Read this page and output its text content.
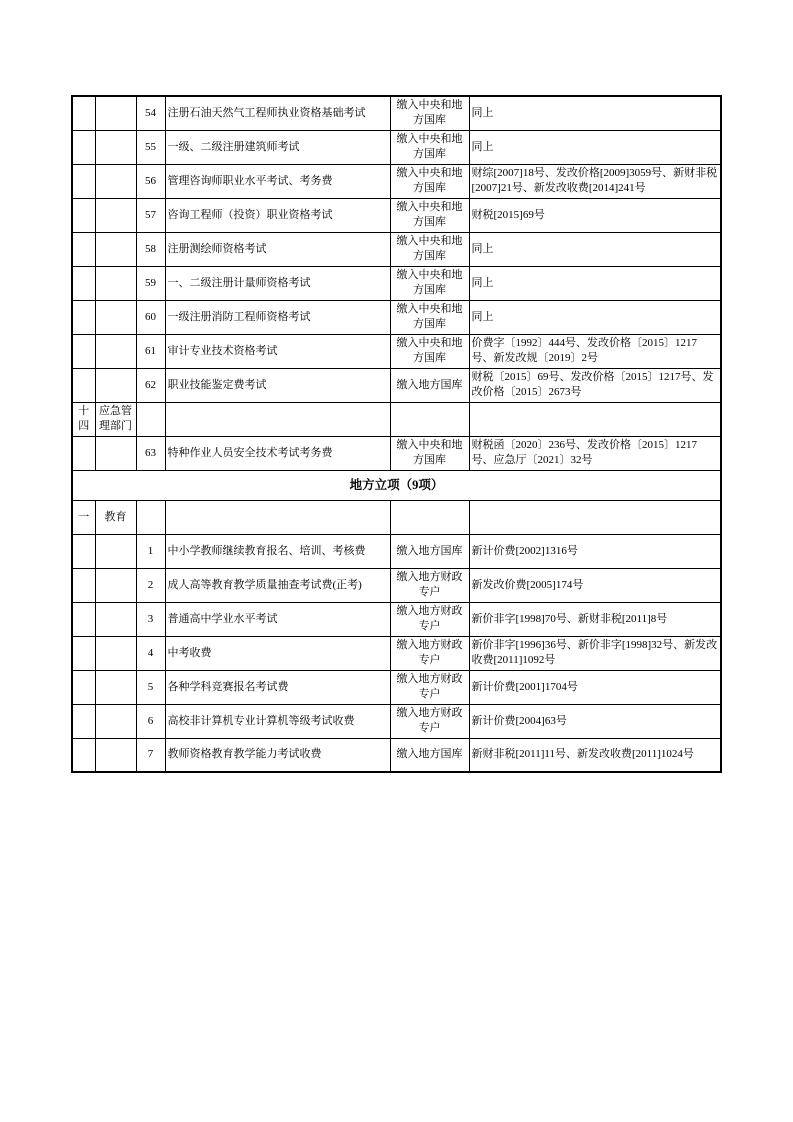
		54	注册石油天然气工程师执业资格基础考试	缴入中央和地方国库	同上
		55	一级、二级注册建筑师考试	缴入中央和地方国库	同上
		56	管理咨询师职业水平考试、考务费	缴入中央和地方国库	财综[2007]18号、发改价格[2009]3059号、新财非税[2007]21号、新发改收费[2014]241号
		57	咨询工程师（投资）职业资格考试	缴入中央和地方国库	财税[2015]69号
		58	注册测绘师资格考试	缴入中央和地方国库	同上
		59	一、二级注册计量师资格考试	缴入中央和地方国库	同上
		60	一级注册消防工程师资格考试	缴入中央和地方国库	同上
		61	审计专业技术资格考试	缴入中央和地方国库	价费字〔1992〕444号、发改价格〔2015〕1217号、新发改规〔2019〕2号
		62	职业技能鉴定费考试	缴入地方国库	财税〔2015〕69号、发改价格〔2015〕1217号、发改价格〔2015〕2673号
十四	应急管理部门				
		63	特种作业人员安全技术考试考务费	缴入中央和地方国库	财税函〔2020〕236号、发改价格〔2015〕1217号、应急厅〔2021〕32号
地方立项（9项）					
一	教育				
		1	中小学教师继续教育报名、培训、考核费	缴入地方国库	新计价费[2002]1316号
		2	成人高等教育教学质量抽查考试费(正考)	缴入地方财政专户	新发改价费[2005]174号
		3	普通高中学业水平考试	缴入地方财政专户	新价非字[1998]70号、新财非税[2011]8号
		4	中考收费	缴入地方财政专户	新价非字[1996]36号、新价非字[1998]32号、新发改收费[2011]1092号
		5	各种学科竞赛报名考试费	缴入地方财政专户	新计价费[2001]1704号
		6	高校非计算机专业计算机等级考试收费	缴入地方财政专户	新计价费[2004]63号
		7	教师资格教育教学能力考试收费	缴入地方国库	新财非税[2011]11号、新发改收费[2011]1024号
